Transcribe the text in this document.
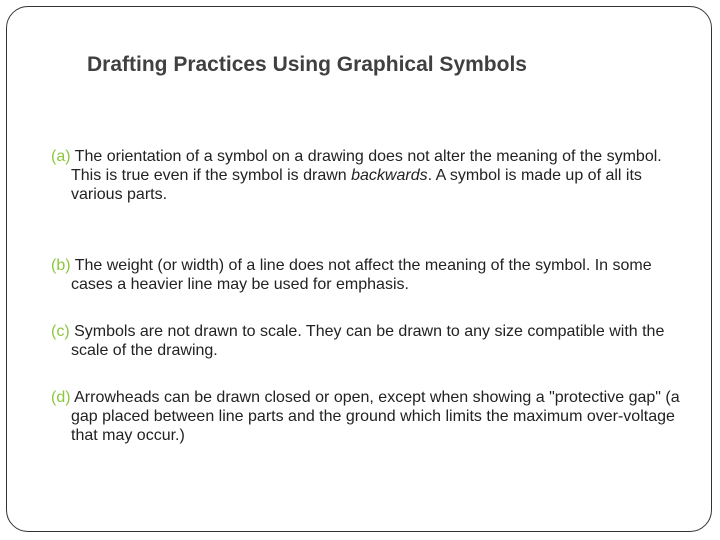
Drafting Practices Using Graphical Symbols

(a) The orientation of a symbol on a drawing does not alter the meaning of the symbol.

This is true even if the symbol is drawn backwards. A symbol is made up of all its various parts.

(b) The weight (or width) of a line does not affect the meaning of the symbol. In some cases a heavier line may be used for emphasis.

(c) Symbols are not drawn to scale. They can be drawn to any size compatible with the scale of the drawing.

(d) Arrowheads can be drawn closed or open, except when showing a "protective gap" (a gap placed between line parts and the ground which limits the maximum over-voltage that may occur.)
